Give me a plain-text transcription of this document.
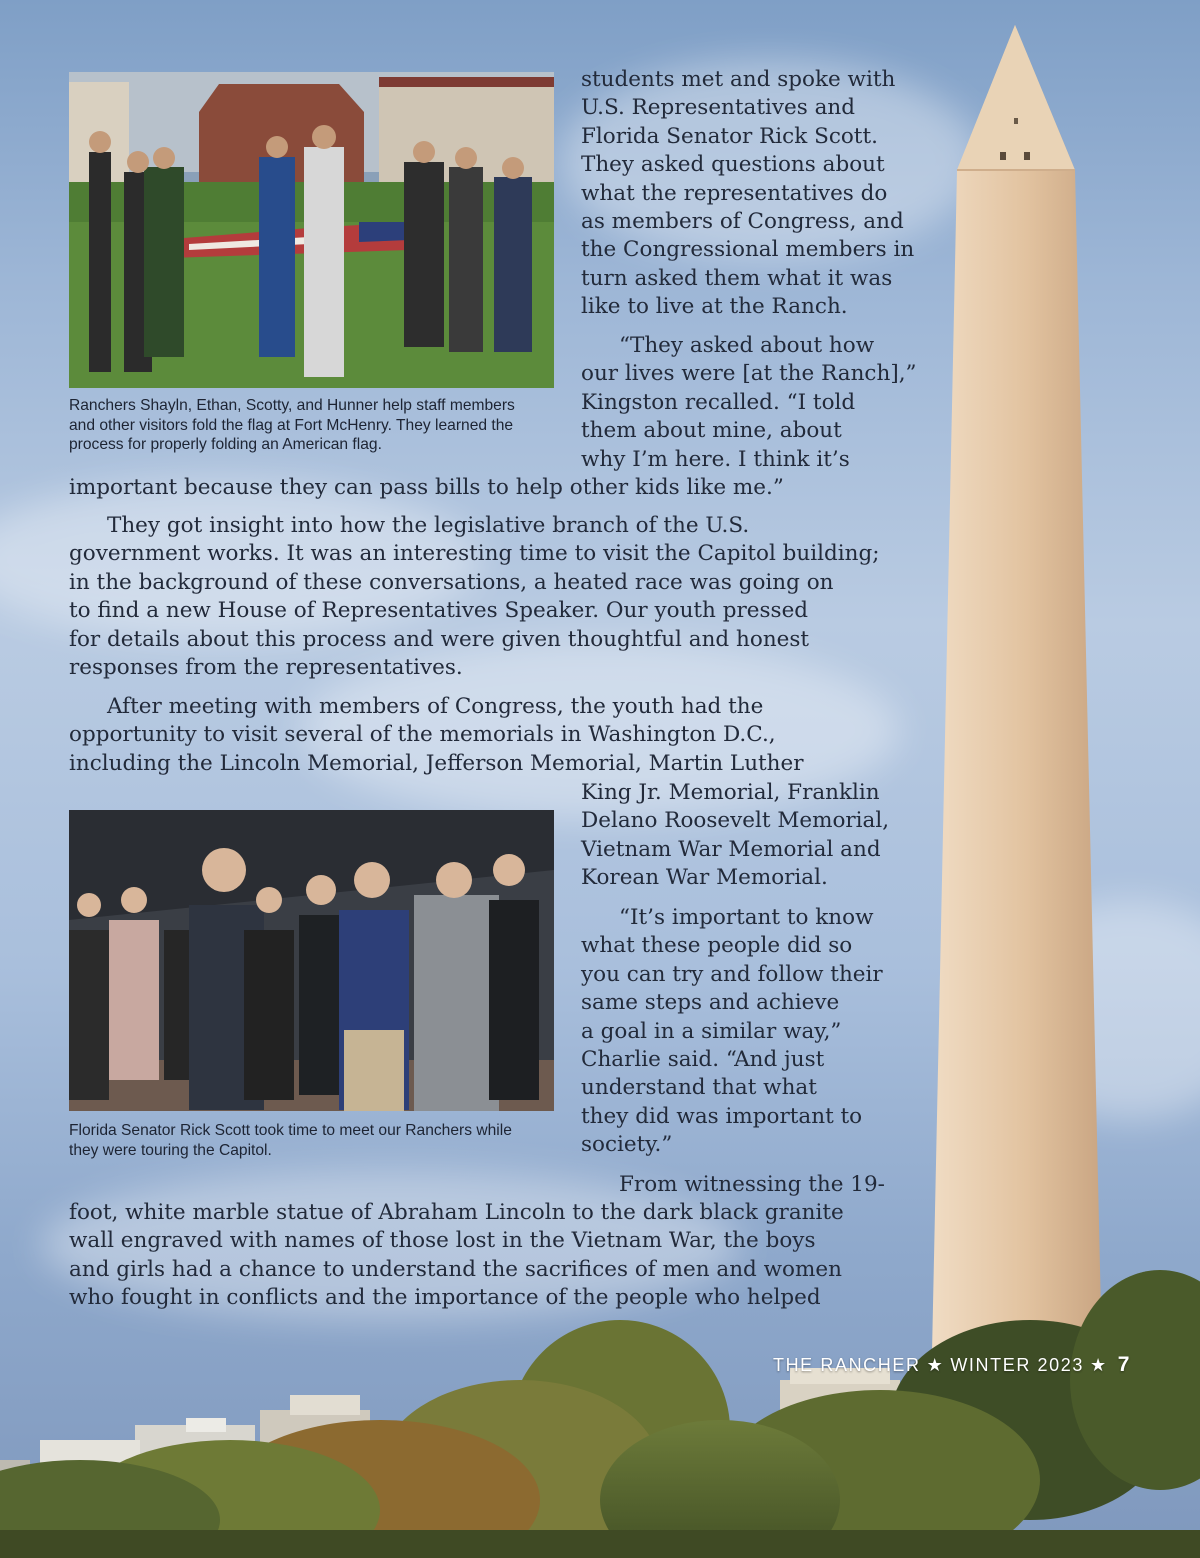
Ranchers Shayln, Ethan, Scotty, and Hunner help staff members
and other visitors fold the flag at Fort McHenry. They learned the
process for properly folding an American flag.

students met and spoke with
U.S. Representatives and
Florida Senator Rick Scott.
They asked questions about
what the representatives do
as members of Congress, and
the Congressional members in
turn asked them what it was
like to live at the Ranch.

“They asked about how
our lives were [at the Ranch],”
Kingston recalled. “I told
them about mine, about
why I’m here. I think it’s

important because they can pass bills to help other kids like me.”

They got insight into how the legislative branch of the U.S.
government works. It was an interesting time to visit the Capitol building;
in the background of these conversations, a heated race was going on
to find a new House of Representatives Speaker. Our youth pressed
for details about this process and were given thoughtful and honest
responses from the representatives.

After meeting with members of Congress, the youth had the
opportunity to visit several of the memorials in Washington D.C.,
including the Lincoln Memorial, Jefferson Memorial, Martin Luther

King Jr. Memorial, Franklin
Delano Roosevelt Memorial,
Vietnam War Memorial and
Korean War Memorial.

Florida Senator Rick Scott took time to meet our Ranchers while
they were touring the Capitol.

“It’s important to know
what these people did so
you can try and follow their
same steps and achieve
a goal in a similar way,”
Charlie said. “And just
understand that what
they did was important to
society.”

From witnessing the 19-

foot, white marble statue of Abraham Lincoln to the dark black granite
wall engraved with names of those lost in the Vietnam War, the boys
and girls had a chance to understand the sacrifices of men and women
who fought in conflicts and the importance of the people who helped

THE RANCHER ★ WINTER 2023 ★ 7
